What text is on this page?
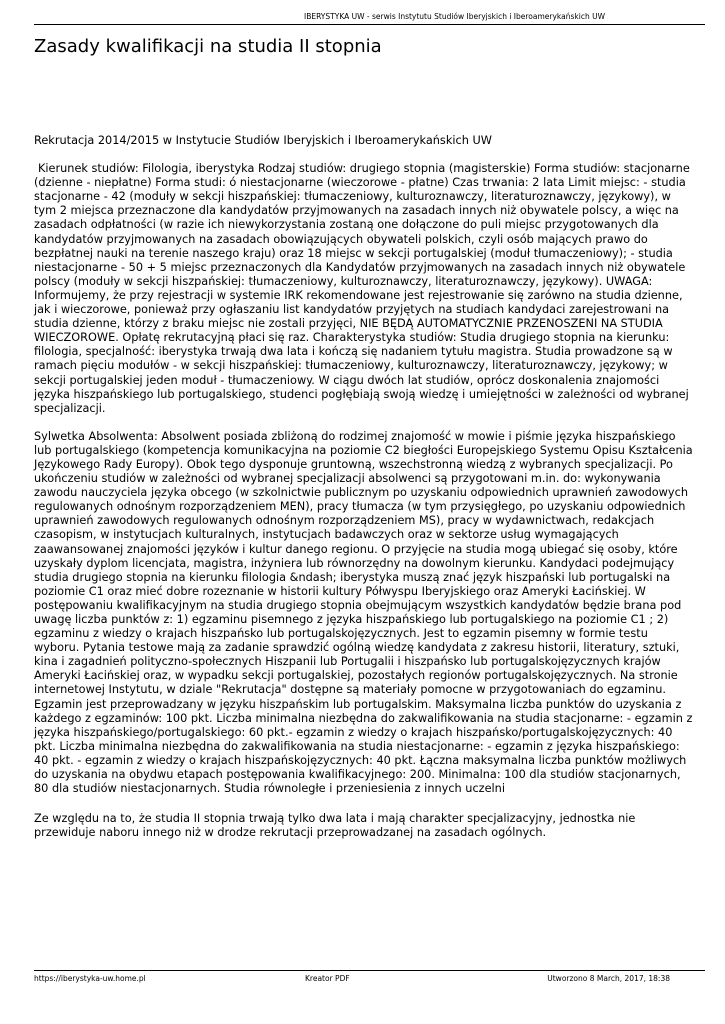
IBERYSTYKA UW - serwis Instytutu Studiów Iberyjskich i Iberoamerykańskich UW
Zasady kwalifikacji na studia II stopnia

Rekrutacja 2014/2015 w Instytucie Studiów Iberyjskich i Iberoamerykańskich UW

Kierunek studiów: Filologia, iberystyka Rodzaj studiów: drugiego stopnia (magisterskie) Forma studiów: stacjonarne (dzienne - niepłatne) Forma studi: ó niestacjonarne (wieczorowe - płatne) Czas trwania: 2 lata Limit miejsc: - studia stacjonarne - 42 (moduły w sekcji hiszpańskiej: tłumaczeniowy, kulturoznawczy, literaturoznawczy, językowy), w tym 2 miejsca przeznaczone dla kandydatów przyjmowanych na zasadach innych niż obywatele polscy, a więc na zasadach odpłatności (w razie ich niewykorzystania zostaną one dołączone do puli miejsc przygotowanych dla kandydatów przyjmowanych na zasadach obowiązujących obywateli polskich, czyli osób mających prawo do bezpłatnej nauki na terenie naszego kraju) oraz 18 miejsc w sekcji portugalskiej (moduł tłumaczeniowy); - studia niestacjonarne - 50 + 5 miejsc przeznaczonych dla Kandydatów przyjmowanych na zasadach innych niż obywatele polscy (moduły w sekcji hiszpańskiej: tłumaczeniowy, kulturoznawczy, literaturoznawczy, językowy). UWAGA: Informujemy, że przy rejestracji w systemie IRK rekomendowane jest rejestrowanie się zarówno na studia dzienne, jak i wieczorowe, ponieważ przy ogłaszaniu list kandydatów przyjętych na studiach kandydaci zarejestrowani na studia dzienne, którzy z braku miejsc nie zostali przyjęci, NIE BĘDĄ AUTOMATYCZNIE PRZENOSZENI NA STUDIA WIECZOROWE. Opłatę rekrutacyjną płaci się raz. Charakterystyka studiów: Studia drugiego stopnia na kierunku: filologia, specjalność: iberystyka trwają dwa lata i kończą się nadaniem tytułu magistra. Studia prowadzone są w ramach pięciu modułów - w sekcji hiszpańskiej: tłumaczeniowy, kulturoznawczy, literaturoznawczy, językowy; w sekcji portugalskiej jeden moduł - tłumaczeniowy. W ciągu dwóch lat studiów, oprócz doskonalenia znajomości języka hiszpańskiego lub portugalskiego, studenci pogłębiają swoją wiedzę i umiejętności w zależności od wybranej specjalizacji.

Sylwetka Absolwenta: Absolwent posiada zbliżoną do rodzimej znajomość w mowie i piśmie języka hiszpańskiego lub portugalskiego (kompetencja komunikacyjna na poziomie C2 biegłości Europejskiego Systemu Opisu Kształcenia Językowego Rady Europy). Obok tego dysponuje gruntowną, wszechstronną wiedzą z wybranych specjalizacji. Po ukończeniu studiów w zależności od wybranej specjalizacji absolwenci są przygotowani m.in. do: wykonywania zawodu nauczyciela języka obcego (w szkolnictwie publicznym po uzyskaniu odpowiednich uprawnień zawodowych regulowanych odnośnym rozporządzeniem MEN), pracy tłumacza (w tym przysięgłego, po uzyskaniu odpowiednich uprawnień zawodowych regulowanych odnośnym rozporządzeniem MS), pracy w wydawnictwach, redakcjach czasopism, w instytucjach kulturalnych, instytucjach badawczych oraz w sektorze usług wymagających zaawansowanej znajomości języków i kultur danego regionu. O przyjęcie na studia mogą ubiegać się osoby, które uzyskały dyplom licencjata, magistra, inżyniera lub równorzędny na dowolnym kierunku. Kandydaci podejmujący studia drugiego stopnia na kierunku filologia &ndash; iberystyka muszą znać język hiszpański lub portugalski na poziomie C1 oraz mieć dobre rozeznanie w historii kultury Półwyspu Iberyjskiego oraz Ameryki Łacińskiej. W postępowaniu kwalifikacyjnym na studia drugiego stopnia obejmującym wszystkich kandydatów będzie brana pod uwagę liczba punktów z: 1) egzaminu pisemnego z języka hiszpańskiego lub portugalskiego na poziomie C1 ; 2) egzaminu z wiedzy o krajach hiszpańsko lub portugalskojęzycznych. Jest to egzamin pisemny w formie testu wyboru. Pytania testowe mają za zadanie sprawdzić ogólną wiedzę kandydata z zakresu historii, literatury, sztuki, kina i zagadnień polityczno-społecznych Hiszpanii lub Portugalii i hiszpańsko lub portugalskojęzycznych krajów Ameryki Łacińskiej oraz, w wypadku sekcji portugalskiej, pozostałych regionów portugalskojęzycznych. Na stronie internetowej Instytutu, w dziale "Rekrutacja" dostępne są materiały pomocne w przygotowaniach do egzaminu. Egzamin jest przeprowadzany w języku hiszpańskim lub portugalskim. Maksymalna liczba punktów do uzyskania z każdego z egzaminów: 100 pkt. Liczba minimalna niezbędna do zakwalifikowania na studia stacjonarne: - egzamin z języka hiszpańskiego/portugalskiego: 60 pkt.- egzamin z wiedzy o krajach hiszpańsko/portugalskojęzycznych: 40 pkt. Liczba minimalna niezbędna do zakwalifikowania na studia niestacjonarne: - egzamin z języka hiszpańskiego: 40 pkt. - egzamin z wiedzy o krajach hiszpańskojęzycznych: 40 pkt. Łączna maksymalna liczba punktów możliwych do uzyskania na obydwu etapach postępowania kwalifikacyjnego: 200. Minimalna: 100 dla studiów stacjonarnych, 80 dla studiów niestacjonarnych. Studia równoległe i przeniesienia z innych uczelni

Ze względu na to, że studia II stopnia trwają tylko dwa lata i mają charakter specjalizacyjny, jednostka nie przewiduje naboru innego niż w drodze rekrutacji przeprowadzanej na zasadach ogólnych.

https://iberystyka-uw.home.pl	Kreator PDF	Utworzono 8 March, 2017, 18:38
